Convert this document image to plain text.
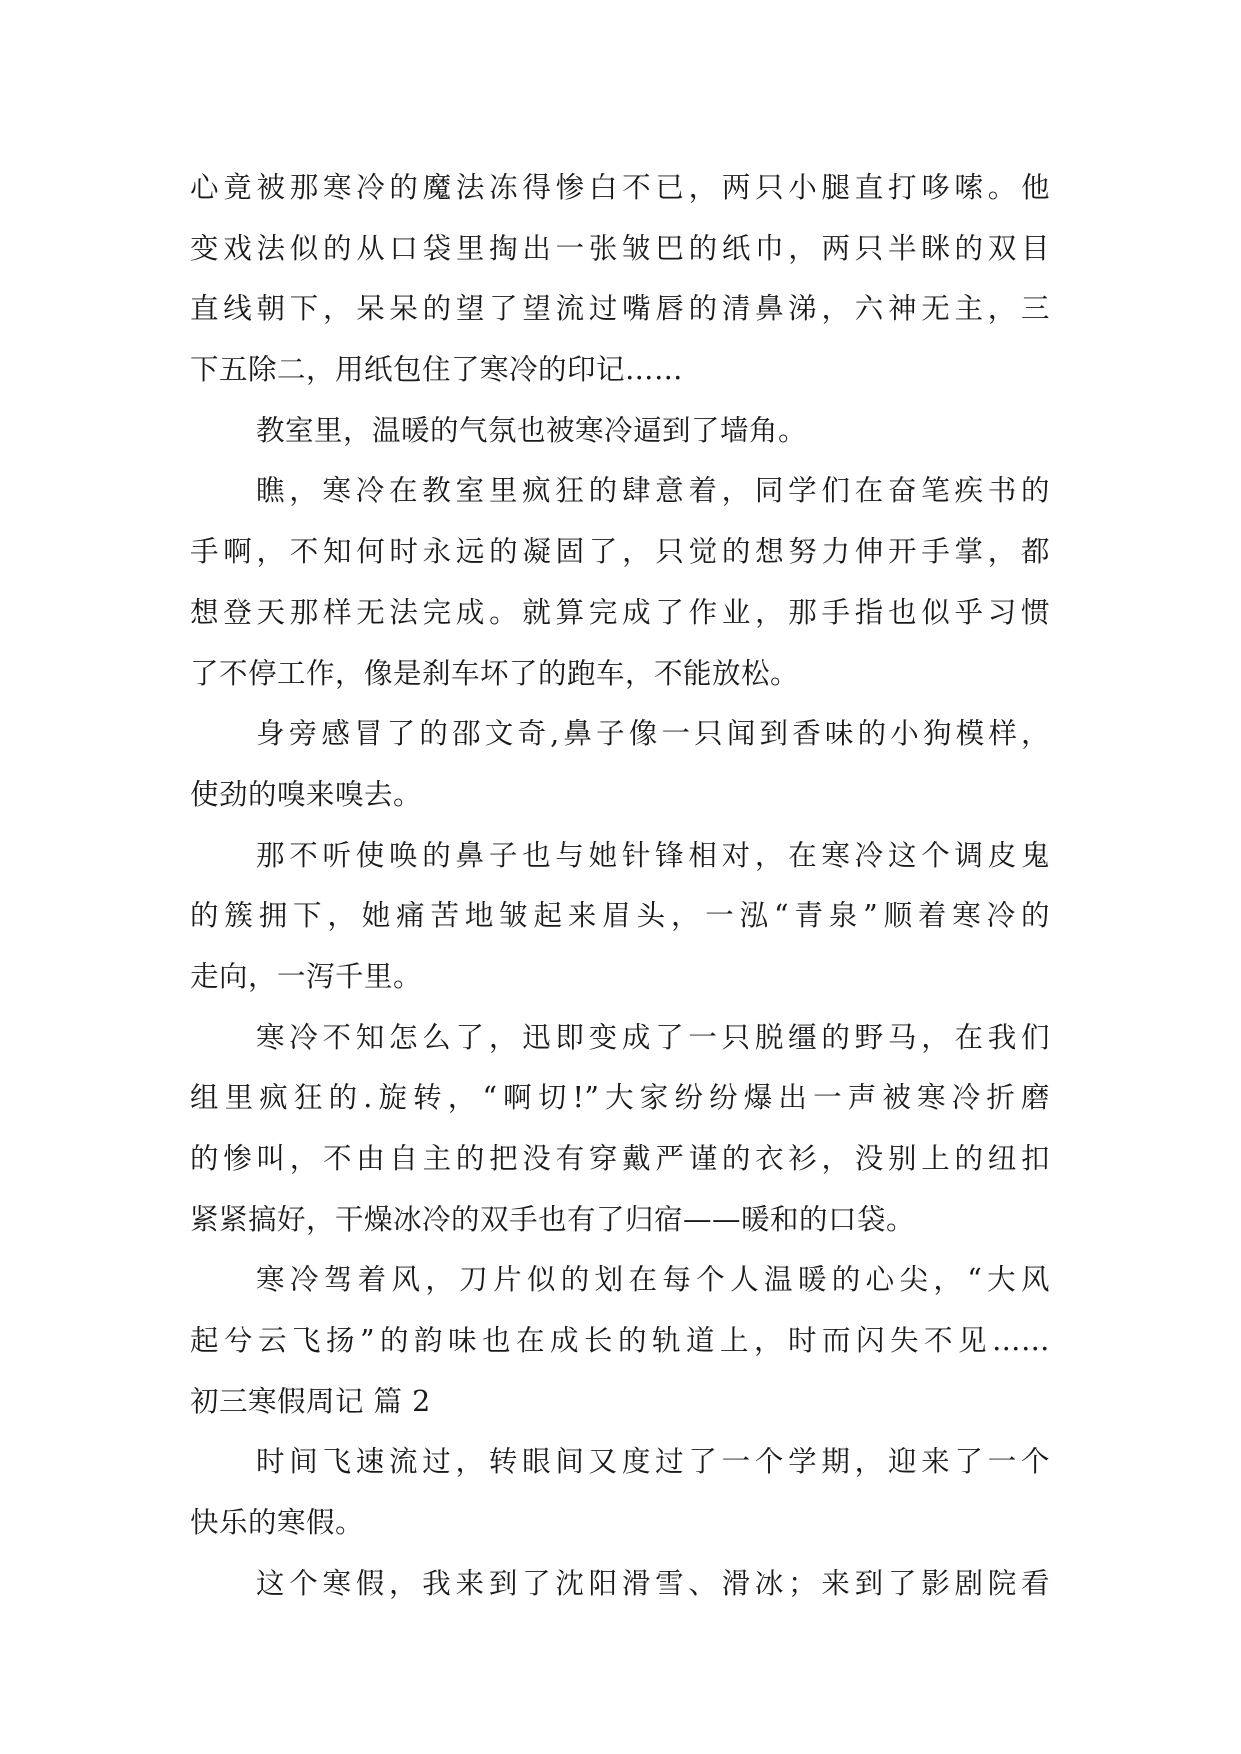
心竟被那寒冷的魔法冻得惨白不已，两只小腿直打哆嗦。他
变戏法似的从口袋里掏出一张皱巴的纸巾，两只半眯的双目
直线朝下，呆呆的望了望流过嘴唇的清鼻涕，六神无主，三
下五除二，用纸包住了寒冷的印记……
教室里，温暖的气氛也被寒冷逼到了墙角。
瞧，寒冷在教室里疯狂的肆意着，同学们在奋笔疾书的
手啊，不知何时永远的凝固了，只觉的想努力伸开手掌，都
想登天那样无法完成。就算完成了作业，那手指也似乎习惯
了不停工作，像是刹车坏了的跑车，不能放松。
身旁感冒了的邵文奇,鼻子像一只闻到香味的小狗模样，
使劲的嗅来嗅去。
那不听使唤的鼻子也与她针锋相对，在寒冷这个调皮鬼
的簇拥下，她痛苦地皱起来眉头，一泓“青泉”顺着寒冷的
走向，一泻千里。
寒冷不知怎么了，迅即变成了一只脱缰的野马，在我们
组里疯狂的.旋转，“啊切!”大家纷纷爆出一声被寒冷折磨
的惨叫，不由自主的把没有穿戴严谨的衣衫，没别上的纽扣
紧紧搞好，干燥冰冷的双手也有了归宿——暖和的口袋。
寒冷驾着风，刀片似的划在每个人温暖的心尖，“大风
起兮云飞扬”的韵味也在成长的轨道上，时而闪失不见……
初三寒假周记 篇 2
时间飞速流过，转眼间又度过了一个学期，迎来了一个
快乐的寒假。
这个寒假，我来到了沈阳滑雪、滑冰；来到了影剧院看
